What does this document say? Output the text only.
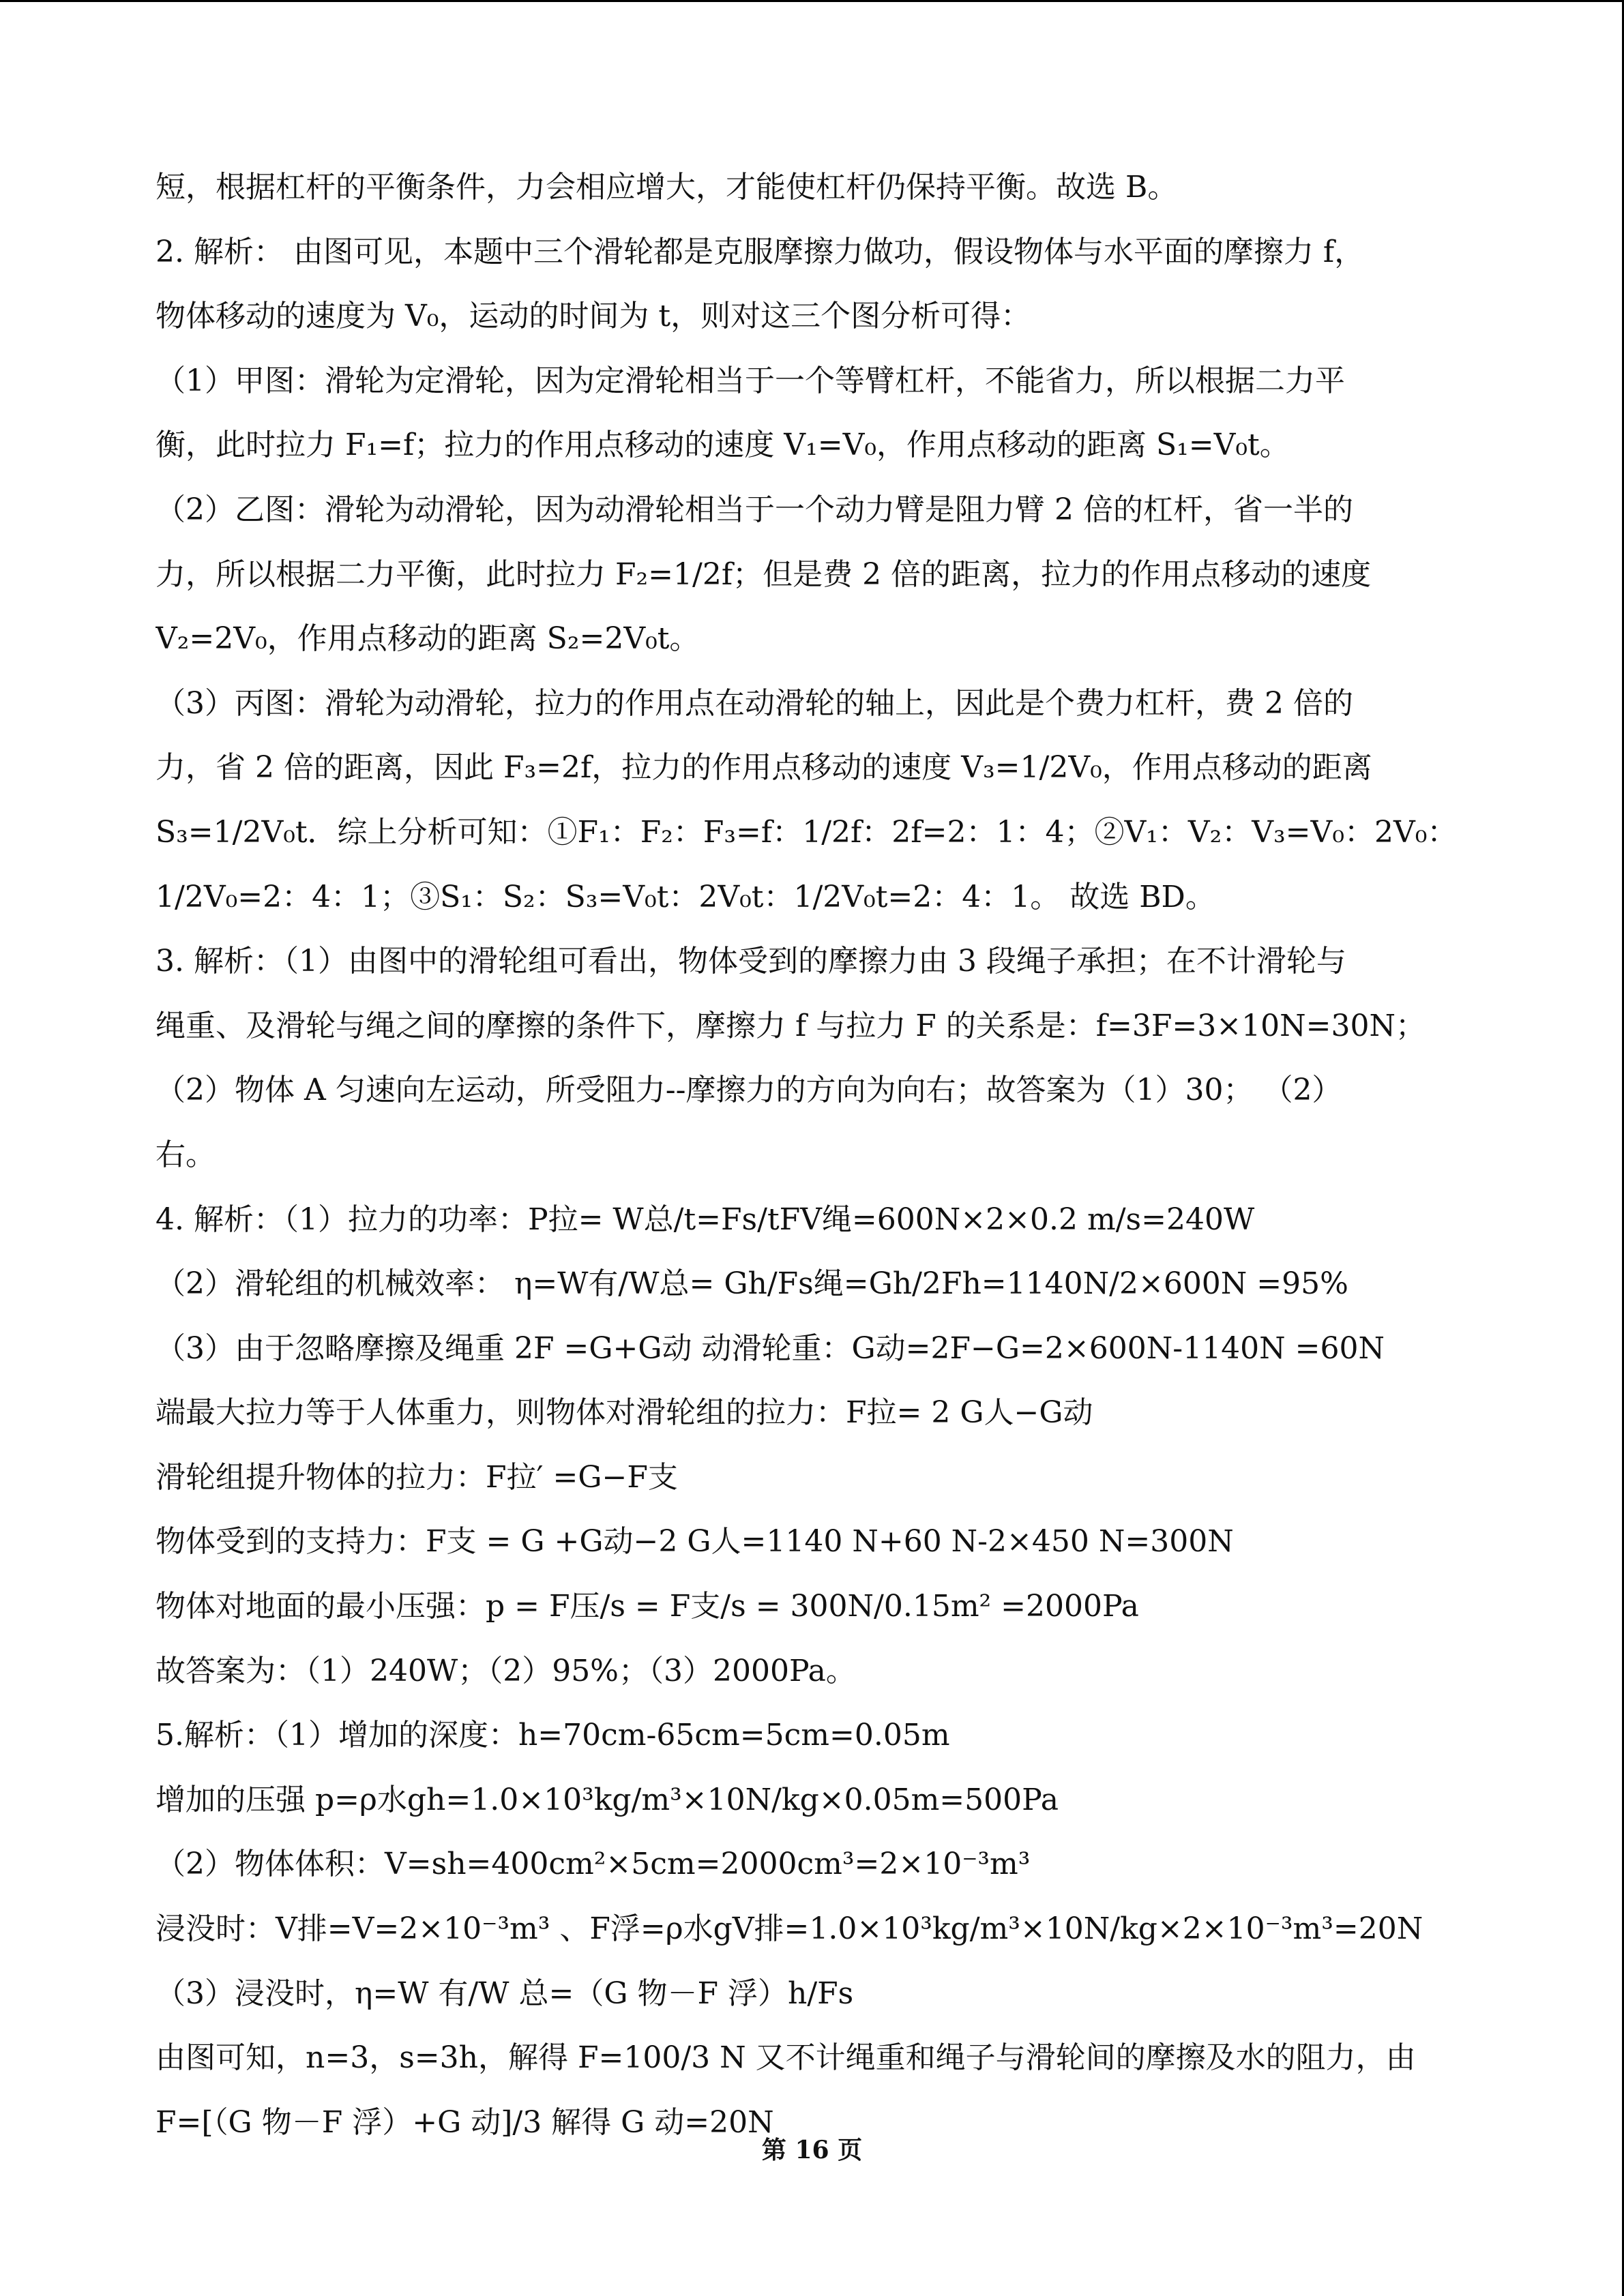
短，根据杠杆的平衡条件，力会相应增大，才能使杠杆仍保持平衡。故选 B。
2. 解析： 由图可见，本题中三个滑轮都是克服摩擦力做功，假设物体与水平面的摩擦力 f，
物体移动的速度为 V₀，运动的时间为 t，则对这三个图分析可得：
（1）甲图：滑轮为定滑轮，因为定滑轮相当于一个等臂杠杆，不能省力，所以根据二力平
衡，此时拉力 F₁=f；拉力的作用点移动的速度 V₁=V₀，作用点移动的距离 S₁=V₀t。
（2）乙图：滑轮为动滑轮，因为动滑轮相当于一个动力臂是阻力臂 2 倍的杠杆，省一半的
力，所以根据二力平衡，此时拉力 F₂=1/2f；但是费 2 倍的距离，拉力的作用点移动的速度
V₂=2V₀，作用点移动的距离 S₂=2V₀t。
（3）丙图：滑轮为动滑轮，拉力的作用点在动滑轮的轴上，因此是个费力杠杆，费 2 倍的
力，省 2 倍的距离，因此 F₃=2f，拉力的作用点移动的速度 V₃=1/2V₀，作用点移动的距离
S₃=1/2V₀t．综上分析可知：①F₁：F₂：F₃=f：1/2f：2f=2：1：4；②V₁：V₂：V₃=V₀：2V₀：
1/2V₀=2：4：1；③S₁：S₂：S₃=V₀t：2V₀t：1/2V₀t=2：4：1。 故选 BD。
3. 解析：（1）由图中的滑轮组可看出，物体受到的摩擦力由 3 段绳子承担；在不计滑轮与
绳重、及滑轮与绳之间的摩擦的条件下，摩擦力 f 与拉力 F 的关系是：f=3F=3×10N=30N；
（2）物体 A 匀速向左运动，所受阻力--摩擦力的方向为向右；故答案为（1）30； （2）
右。
4. 解析：（1）拉力的功率：P拉= W总/t=Fs/tFV绳=600N×2×0.2 m/s=240W
（2）滑轮组的机械效率： η=W有/W总= Gh/Fs绳=Gh/2Fh=1140N/2×600N =95%
（3）由于忽略摩擦及绳重 2F =G+G动 动滑轮重：G动=2F−G=2×600N-1140N =60N
端最大拉力等于人体重力，则物体对滑轮组的拉力：F拉= 2 G人−G动
滑轮组提升物体的拉力：F拉′ =G−F支
物体受到的支持力：F支 = G +G动−2 G人=1140 N+60 N-2×450 N=300N
物体对地面的最小压强：p = F压/s = F支/s = 300N/0.15m² =2000Pa
故答案为：（1）240W；（2）95%；（3）2000Pa。
5.解析：（1）增加的深度：h=70cm-65cm=5cm=0.05m
增加的压强 p=ρ水gh=1.0×10³kg/m³×10N/kg×0.05m=500Pa
（2）物体体积：V=sh=400cm²×5cm=2000cm³=2×10⁻³m³
浸没时：V排=V=2×10⁻³m³ 、F浮=ρ水gV排=1.0×10³kg/m³×10N/kg×2×10⁻³m³=20N
（3）浸没时，η=W 有/W 总=（G 物－F 浮）h/Fs
由图可知，n=3，s=3h，解得 F=100/3 N 又不计绳重和绳子与滑轮间的摩擦及水的阻力，由
F=[（G 物－F 浮）+G 动]/3 解得 G 动=20N
第 16 页
